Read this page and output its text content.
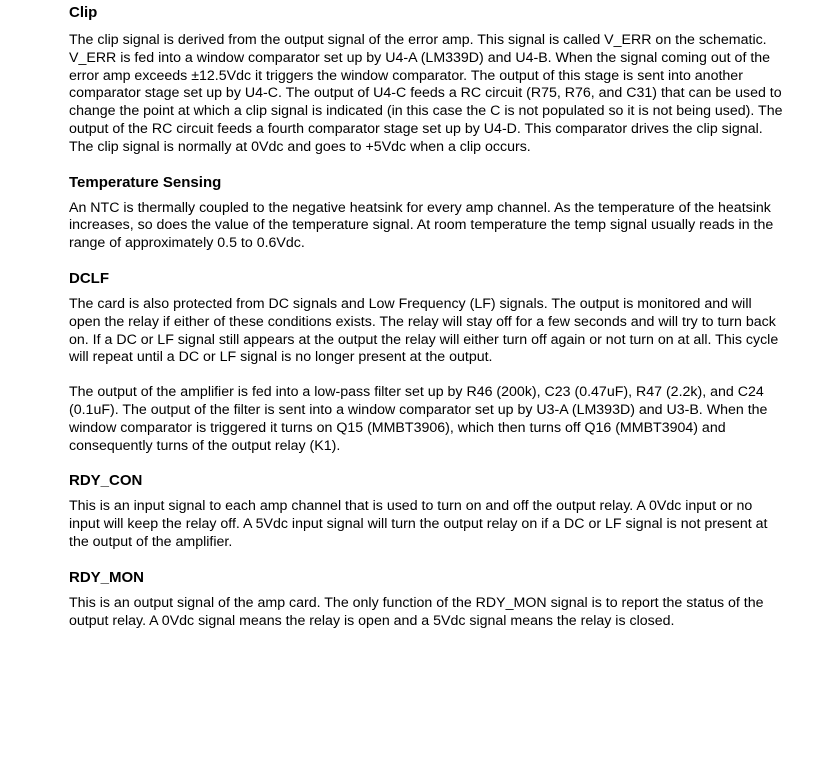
Clip

The clip signal is derived from the output signal of the error amp. This signal is called V_ERR on the schematic. V_ERR is fed into a window comparator set up by U4-A (LM339D) and U4-B. When the signal coming out of the error amp exceeds ±12.5Vdc it triggers the window comparator. The output of this stage is sent into another comparator stage set up by U4-C. The output of U4-C feeds a RC circuit (R75, R76, and C31) that can be used to change the point at which a clip signal is indicated (in this case the C is not populated so it is not being used). The output of the RC circuit feeds a fourth comparator stage set up by U4-D. This comparator drives the clip signal. The clip signal is normally at 0Vdc and goes to +5Vdc when a clip occurs.

Temperature Sensing

An NTC is thermally coupled to the negative heatsink for every amp channel. As the temperature of the heatsink increases, so does the value of the temperature signal. At room temperature the temp signal usually reads in the range of approximately 0.5 to 0.6Vdc.

DCLF

The card is also protected from DC signals and Low Frequency (LF) signals. The output is monitored and will open the relay if either of these conditions exists. The relay will stay off for a few seconds and will try to turn back on. If a DC or LF signal still appears at the output the relay will either turn off again or not turn on at all. This cycle will repeat until a DC or LF signal is no longer present at the output.

The output of the amplifier is fed into a low-pass filter set up by R46 (200k), C23 (0.47uF), R47 (2.2k), and C24 (0.1uF). The output of the filter is sent into a window comparator set up by U3-A (LM393D) and U3-B. When the window comparator is triggered it turns on Q15 (MMBT3906), which then turns off Q16 (MMBT3904) and consequently turns of the output relay (K1).

RDY_CON

This is an input signal to each amp channel that is used to turn on and off the output relay. A 0Vdc input or no input will keep the relay off. A 5Vdc input signal will turn the output relay on if a DC or LF signal is not present at the output of the amplifier.

RDY_MON

This is an output signal of the amp card. The only function of the RDY_MON signal is to report the status of the output relay. A 0Vdc signal means the relay is open and a 5Vdc signal means the relay is closed.
